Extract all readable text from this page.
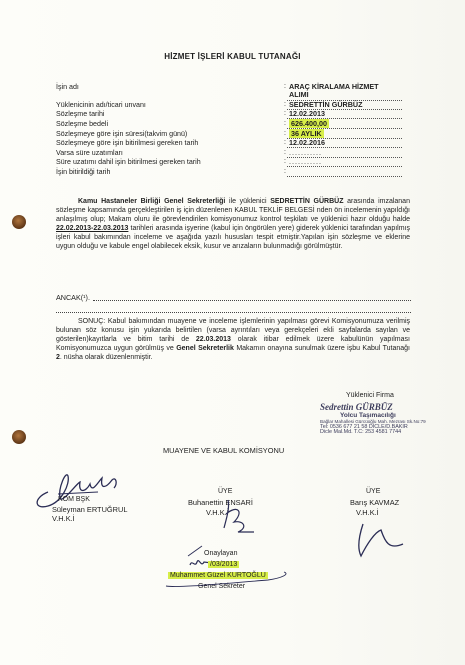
HİZMET İŞLERİ KABUL TUTANAĞI
İşin adı	: ARAÇ KİRALAMA HİZMET ALIMI
Yüklenicinin adı/ticari unvanı	: SEDRETTİN GÜRBÜZ
Sözleşme tarihi	: 12.02.2013
Sözleşme bedeli	: 626.400,00
Sözleşmeye göre işin süresi(takvim günü)	: 36 AYLIK
Sözleşmeye göre işin bitirilmesi gereken tarih	: 12.02.2016
Varsa süre uzatımları	: ...........
Süre uzatımı dahil işin bitirilmesi gereken tarih	: ...........
İşin bitirildiği tarih	:
Kamu Hastaneler Birliği Genel Sekreterliği ile yüklenici SEDRETTİN GÜRBÜZ arasında imzalanan sözleşme kapsamında gerçekleştirilen iş için düzenlenen KABUL TEKLİF BELGESİ nden ön incelemenin yapıldığı anlaşılmış olup; Makam oluru ile görevlendirilen komisyonumuz kontrol teşkilatı ve yüklenici hazır olduğu halde 22.02.2013-22.03.2013 tarihleri arasında işyerine (kabul için öngörülen yere) giderek yüklenici tarafından yapılmış işleri kabul bakımından inceleme ve aşağıda yazılı hususları tespit etmiştir.Yapılan işin sözleşme ve eklerine uygun olduğu ve kabule engel olabilecek eksik, kusur ve arızaların bulunmadığı görülmüştür.
ANCAK(¹).
SONUÇ: Kabul bakımından muayene ve inceleme işlemlerinin yapılması görevi Komisyonumuza verilmiş bulunan söz konusu işin yukarıda belirtilen (varsa ayrıntıları veya gerekçeleri ekli sayfalarda sayılan ve gösterilen)kayıtlarla ve bitim tarihi de 22.03.2013 olarak itibar edilmek üzere kabulünün yapılması Komisyonumuzca uygun görülmüş ve Genel Sekreterlik Makamın onayına sunulmak üzere işbu Kabul Tutanağı 2. nüsha olarak düzenlenmiştir.
Yüklenici Firma
Sedrettin GÜRBÜZ
Yolcu Taşımacılığı
Bağlar Mahallesi Gürcüoğlu Mah. Mezrası Sk.No:79
Tel: 0536 677 21 58 DİCLE/D.BAKIR
Dicle Mal.Md. T.C: 253 4581 7744
MUAYENE VE KABUL KOMİSYONU
KOM BŞK
Süleyman ERTUĞRUL
V.H.K.İ
ÜYE
Buhanettin ENSARİ
V.H.K.İ
ÜYE
Barış KAVMAZ
V.H.K.İ
Onaylayan
/03/2013
Muhammet Güzel KURTOĞLU
Genel Sekreter
